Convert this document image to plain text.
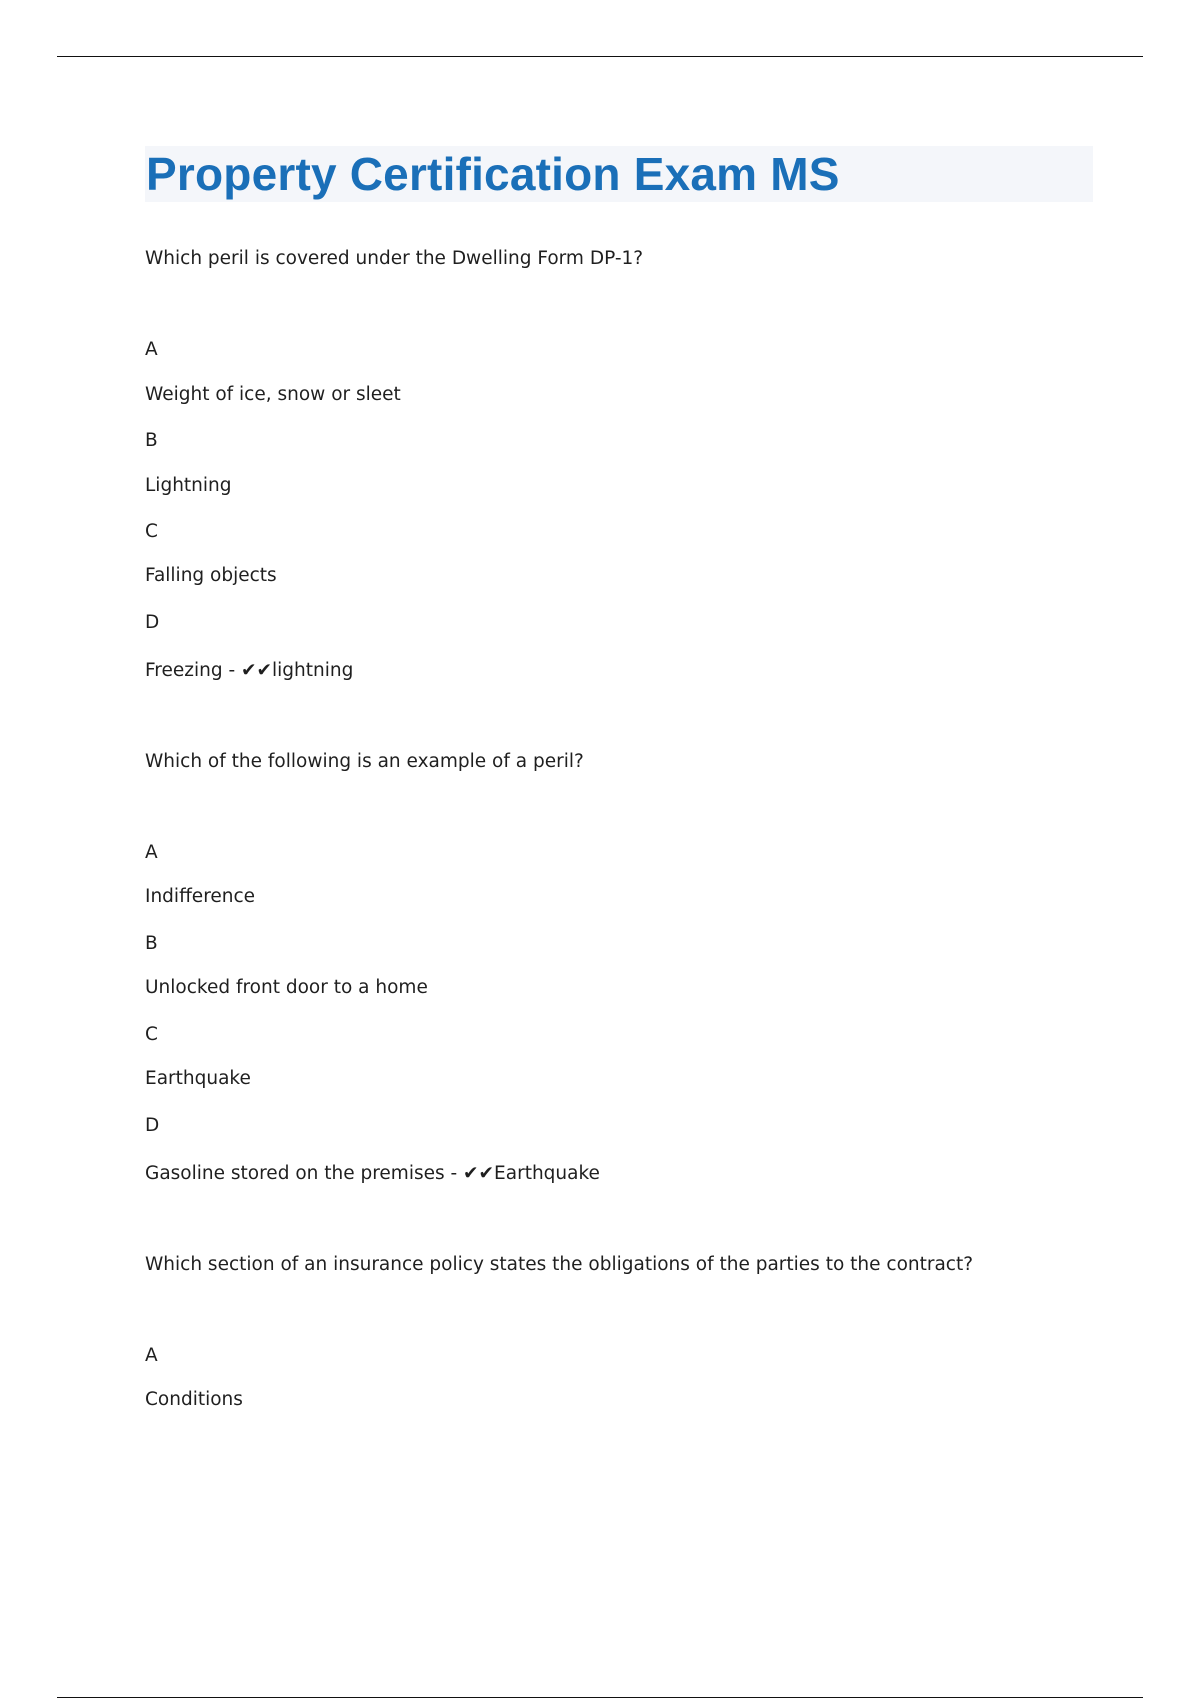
Property Certification Exam MS

Which peril is covered under the Dwelling Form DP-1?

A

Weight of ice, snow or sleet

B

Lightning

C

Falling objects

D

Freezing - ✔✔lightning

Which of the following is an example of a peril?

A

Indifference

B

Unlocked front door to a home

C

Earthquake

D

Gasoline stored on the premises - ✔✔Earthquake

Which section of an insurance policy states the obligations of the parties to the contract?

A

Conditions
